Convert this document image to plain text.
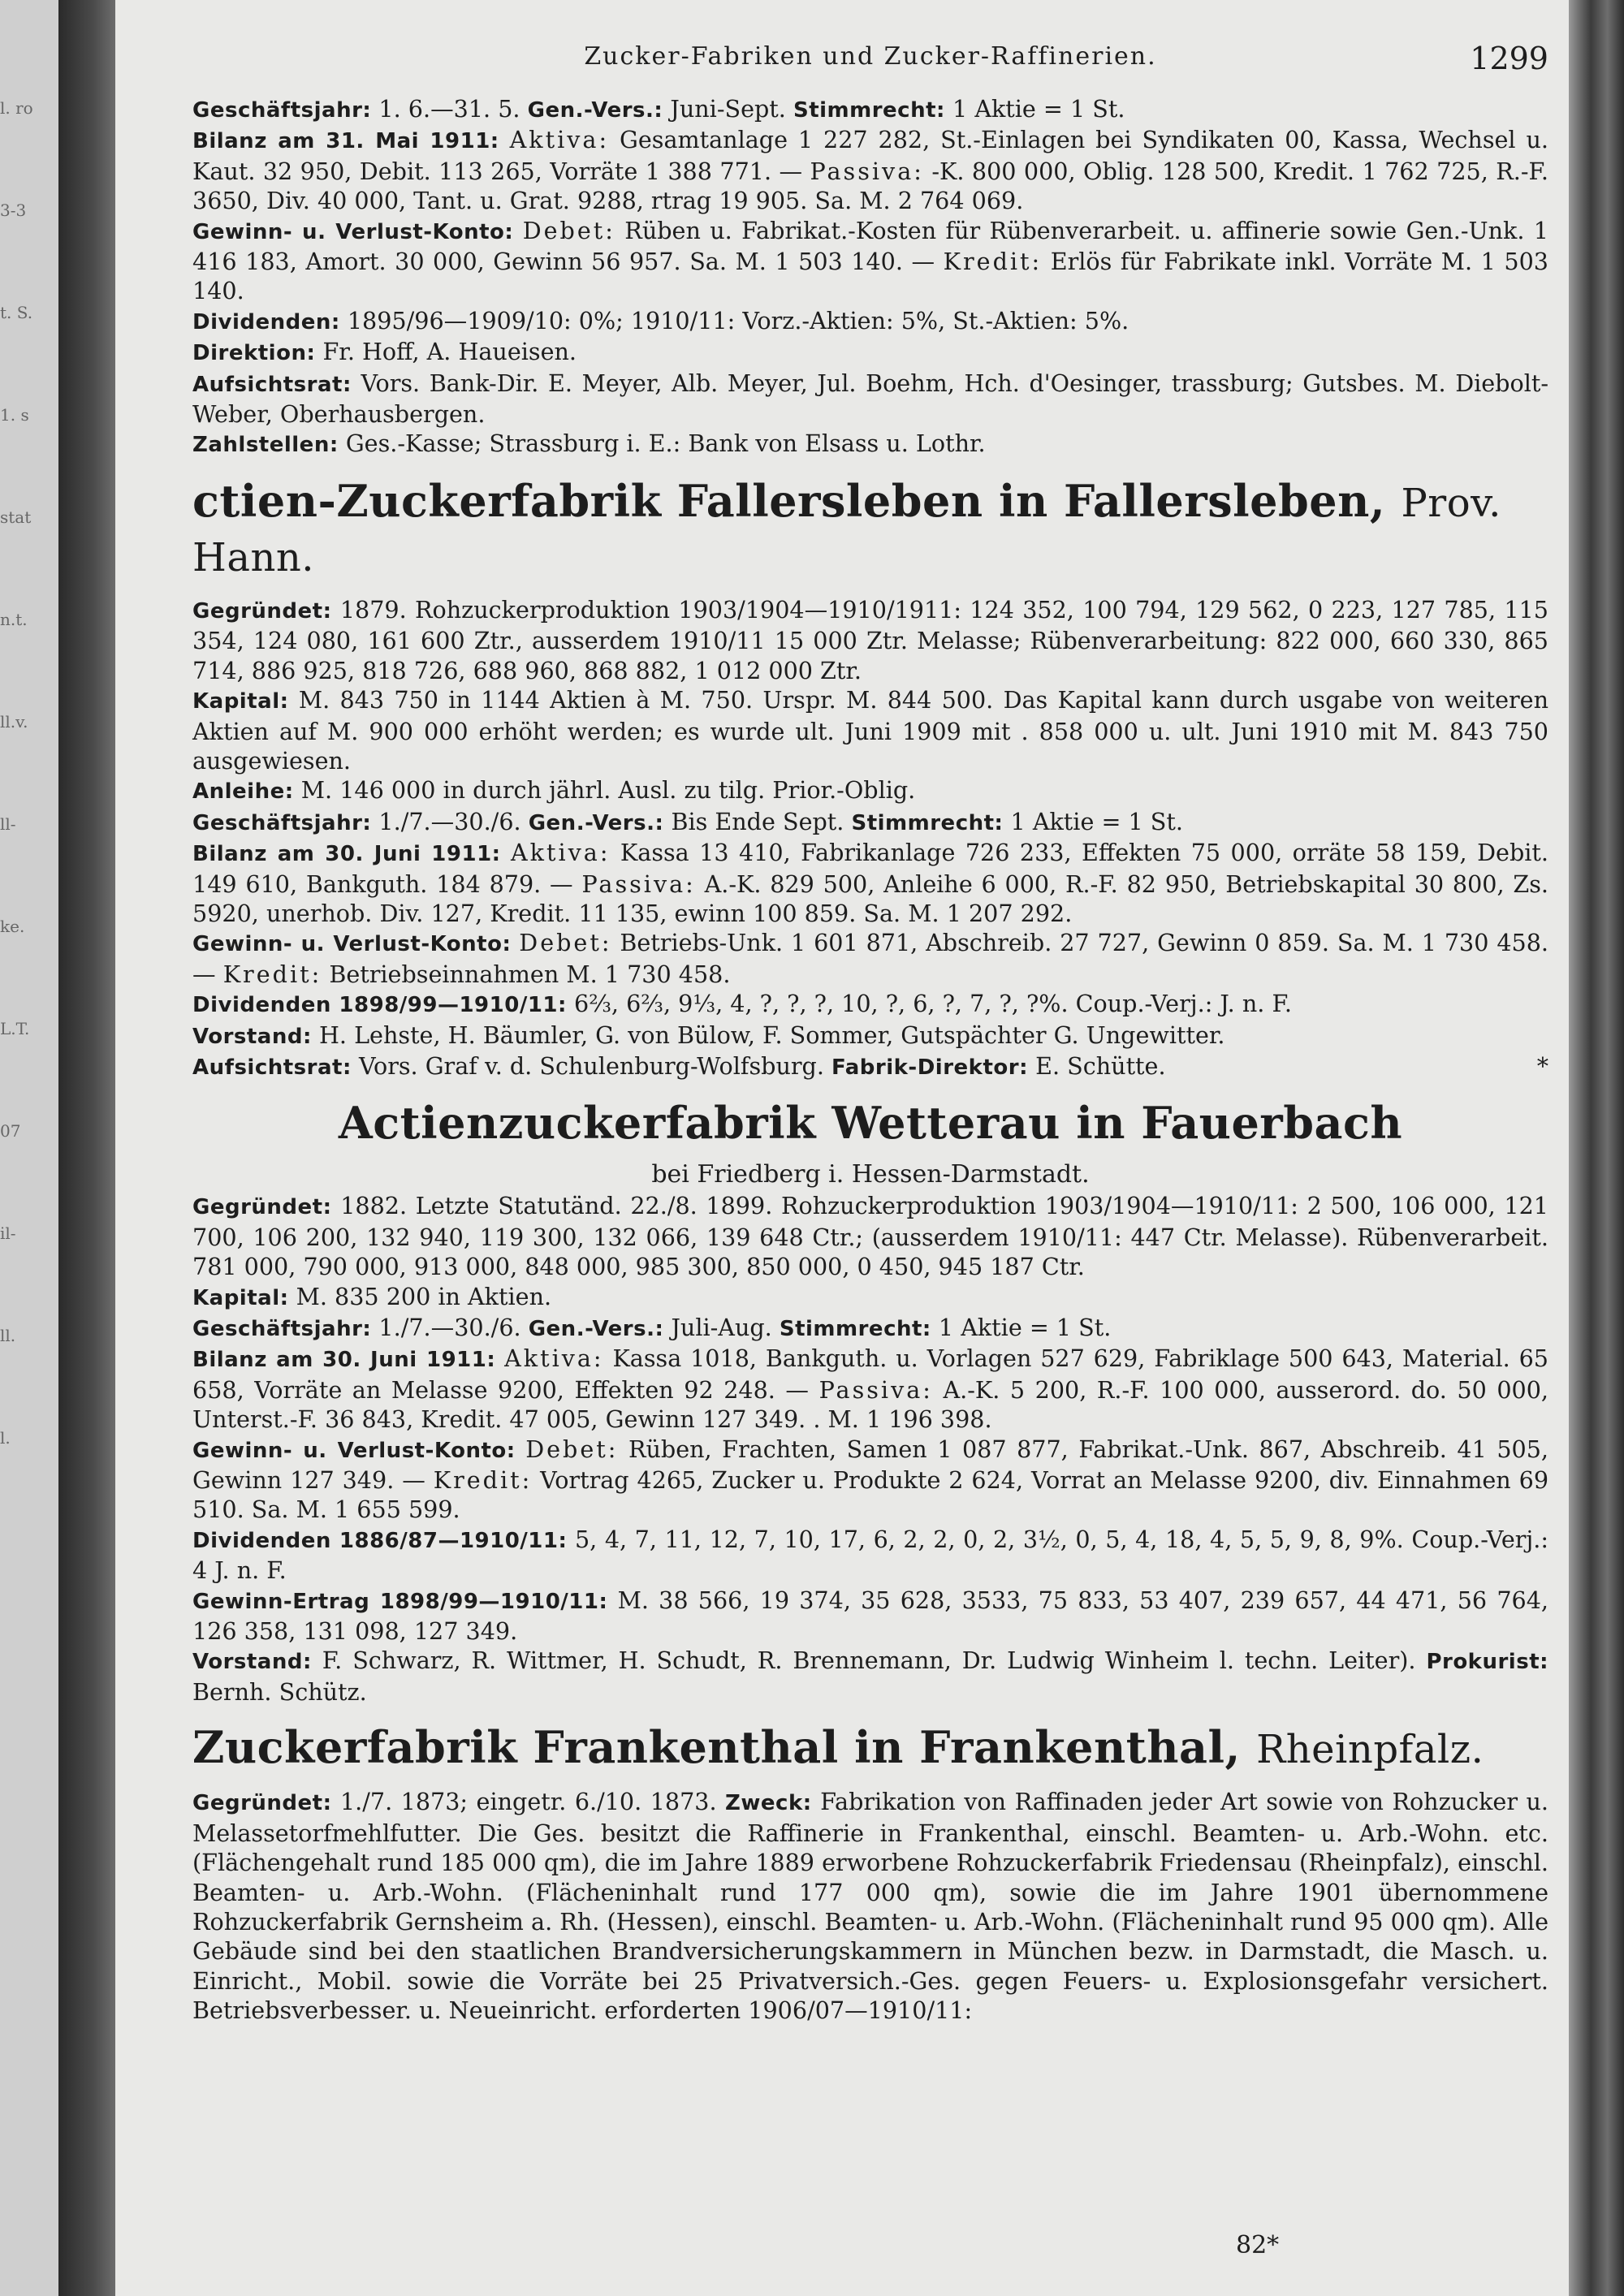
l. ro
3-3
t. S.
1. s
stat
n.t.
ll.v.
ll-
ke.
L.T.
07
il-
ll.
l.
Zucker-Fabriken und Zucker-Raffinerien.	1299

Geschäftsjahr: 1. 6.—31. 5. Gen.-Vers.: Juni-Sept. Stimmrecht: 1 Aktie = 1 St.

Bilanz am 31. Mai 1911: Aktiva: Gesamtanlage 1 227 282, St.-Einlagen bei Syndikaten 00, Kassa, Wechsel u. Kaut. 32 950, Debit. 113 265, Vorräte 1 388 771. — Passiva: -K. 800 000, Oblig. 128 500, Kredit. 1 762 725, R.-F. 3650, Div. 40 000, Tant. u. Grat. 9288, rtrag 19 905. Sa. M. 2 764 069.

Gewinn- u. Verlust-Konto: Debet: Rüben u. Fabrikat.-Kosten für Rübenverarbeit. u. affinerie sowie Gen.-Unk. 1 416 183, Amort. 30 000, Gewinn 56 957. Sa. M. 1 503 140. — Kredit: Erlös für Fabrikate inkl. Vorräte M. 1 503 140.

Dividenden: 1895/96—1909/10: 0%; 1910/11: Vorz.-Aktien: 5%, St.-Aktien: 5%.

Direktion: Fr. Hoff, A. Haueisen.

Aufsichtsrat: Vors. Bank-Dir. E. Meyer, Alb. Meyer, Jul. Boehm, Hch. d'Oesinger, trassburg; Gutsbes. M. Diebolt-Weber, Oberhausbergen.

Zahlstellen: Ges.-Kasse; Strassburg i. E.: Bank von Elsass u. Lothr.

ctien-Zuckerfabrik Fallersleben in Fallersleben, Prov. Hann.

Gegründet: 1879. Rohzuckerproduktion 1903/1904—1910/1911: 124 352, 100 794, 129 562, 0 223, 127 785, 115 354, 124 080, 161 600 Ztr., ausserdem 1910/11 15 000 Ztr. Melasse; Rübenverarbeitung: 822 000, 660 330, 865 714, 886 925, 818 726, 688 960, 868 882, 1 012 000 Ztr.

Kapital: M. 843 750 in 1144 Aktien à M. 750. Urspr. M. 844 500. Das Kapital kann durch usgabe von weiteren Aktien auf M. 900 000 erhöht werden; es wurde ult. Juni 1909 mit . 858 000 u. ult. Juni 1910 mit M. 843 750 ausgewiesen.

Anleihe: M. 146 000 in durch jährl. Ausl. zu tilg. Prior.-Oblig.

Geschäftsjahr: 1./7.—30./6. Gen.-Vers.: Bis Ende Sept. Stimmrecht: 1 Aktie = 1 St.

Bilanz am 30. Juni 1911: Aktiva: Kassa 13 410, Fabrikanlage 726 233, Effekten 75 000, orräte 58 159, Debit. 149 610, Bankguth. 184 879. — Passiva: A.-K. 829 500, Anleihe 6 000, R.-F. 82 950, Betriebskapital 30 800, Zs. 5920, unerhob. Div. 127, Kredit. 11 135, ewinn 100 859. Sa. M. 1 207 292.

Gewinn- u. Verlust-Konto: Debet: Betriebs-Unk. 1 601 871, Abschreib. 27 727, Gewinn 0 859. Sa. M. 1 730 458. — Kredit: Betriebseinnahmen M. 1 730 458.

Dividenden 1898/99—1910/11: 6⅔, 6⅔, 9⅓, 4, ?, ?, ?, 10, ?, 6, ?, 7, ?, ?%. Coup.-Verj.: J. n. F.

Vorstand: H. Lehste, H. Bäumler, G. von Bülow, F. Sommer, Gutspächter G. Ungewitter.

Aufsichtsrat: Vors. Graf v. d. Schulenburg-Wolfsburg. Fabrik-Direktor: E. Schütte.	*

Actienzuckerfabrik Wetterau in Fauerbach

bei Friedberg i. Hessen-Darmstadt.

Gegründet: 1882. Letzte Statutänd. 22./8. 1899. Rohzuckerproduktion 1903/1904—1910/11: 2 500, 106 000, 121 700, 106 200, 132 940, 119 300, 132 066, 139 648 Ctr.; (ausserdem 1910/11: 447 Ctr. Melasse). Rübenverarbeit. 781 000, 790 000, 913 000, 848 000, 985 300, 850 000, 0 450, 945 187 Ctr.

Kapital: M. 835 200 in Aktien.

Geschäftsjahr: 1./7.—30./6. Gen.-Vers.: Juli-Aug. Stimmrecht: 1 Aktie = 1 St.

Bilanz am 30. Juni 1911: Aktiva: Kassa 1018, Bankguth. u. Vorlagen 527 629, Fabriklage 500 643, Material. 65 658, Vorräte an Melasse 9200, Effekten 92 248. — Passiva: A.-K. 5 200, R.-F. 100 000, ausserord. do. 50 000, Unterst.-F. 36 843, Kredit. 47 005, Gewinn 127 349. . M. 1 196 398.

Gewinn- u. Verlust-Konto: Debet: Rüben, Frachten, Samen 1 087 877, Fabrikat.-Unk. 867, Abschreib. 41 505, Gewinn 127 349. — Kredit: Vortrag 4265, Zucker u. Produkte 2 624, Vorrat an Melasse 9200, div. Einnahmen 69 510. Sa. M. 1 655 599.

Dividenden 1886/87—1910/11: 5, 4, 7, 11, 12, 7, 10, 17, 6, 2, 2, 0, 2, 3½, 0, 5, 4, 18, 4, 5, 5, 9, 8, 9%. Coup.-Verj.: 4 J. n. F.

Gewinn-Ertrag 1898/99—1910/11: M. 38 566, 19 374, 35 628, 3533, 75 833, 53 407, 239 657, 44 471, 56 764, 126 358, 131 098, 127 349.

Vorstand: F. Schwarz, R. Wittmer, H. Schudt, R. Brennemann, Dr. Ludwig Winheim l. techn. Leiter). Prokurist: Bernh. Schütz.

Zuckerfabrik Frankenthal in Frankenthal, Rheinpfalz.

Gegründet: 1./7. 1873; eingetr. 6./10. 1873. Zweck: Fabrikation von Raffinaden jeder Art sowie von Rohzucker u. Melassetorfmehlfutter. Die Ges. besitzt die Raffinerie in Frankenthal, einschl. Beamten- u. Arb.-Wohn. etc. (Flächengehalt rund 185 000 qm), die im Jahre 1889 erworbene Rohzuckerfabrik Friedensau (Rheinpfalz), einschl. Beamten- u. Arb.-Wohn. (Flächeninhalt rund 177 000 qm), sowie die im Jahre 1901 übernommene Rohzuckerfabrik Gernsheim a. Rh. (Hessen), einschl. Beamten- u. Arb.-Wohn. (Flächeninhalt rund 95 000 qm). Alle Gebäude sind bei den staatlichen Brandversicherungskammern in München bezw. in Darmstadt, die Masch. u. Einricht., Mobil. sowie die Vorräte bei 25 Privatversich.-Ges. gegen Feuers- u. Explosionsgefahr versichert. Betriebsverbesser. u. Neueinricht. erforderten 1906/07—1910/11:

82*
